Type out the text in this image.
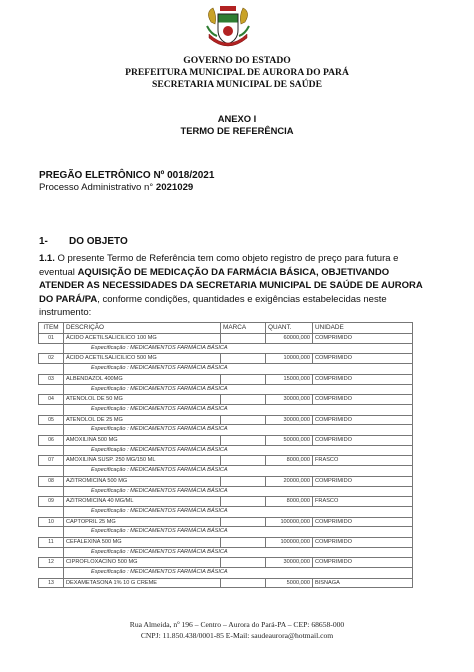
GOVERNO DO ESTADO
PREFEITURA MUNICIPAL DE AURORA DO PARÁ
SECRETARIA MUNICIPAL DE SAÚDE
ANEXO I
TERMO DE REFERÊNCIA
PREGÃO ELETRÔNICO Nº 0018/2021
Processo Administrativo n° 2021029
1- DO OBJETO
1.1. O presente Termo de Referência tem como objeto registro de preço para futura e eventual AQUISIÇÃO DE MEDICAÇÃO DA FARMÁCIA BÁSICA, OBJETIVANDO ATENDER AS NECESSIDADES DA SECRETARIA MUNICIPAL DE SAÚDE DE AURORA DO PARÁ/PA, conforme condições, quantidades e exigências estabelecidas neste instrumento:
ITEM	DESCRIÇÃO	MARCA	QUANT.	UNIDADE
01	ÁCIDO ACETILSALICILICO 100 MG		60000,000	COMPRIMIDO
	Especificação : MEDICAMENTOS FARMÁCIA BÁSICA			
02	ÁCIDO ACETILSALICILICO 500 MG		10000,000	COMPRIMIDO
	Especificação : MEDICAMENTOS FARMÁCIA BÁSICA			
03	ALBENDAZOL 400MG		15000,000	COMPRIMIDO
	Especificação : MEDICAMENTOS FARMÁCIA BÁSICA			
04	ATENOLOL DE 50 MG		30000,000	COMPRIMIDO
	Especificação : MEDICAMENTOS FARMÁCIA BÁSICA			
05	ATENOLOL DE 25 MG		30000,000	COMPRIMIDO
	Especificação : MEDICAMENTOS FARMÁCIA BÁSICA			
06	AMOXILINA 500 MG		50000,000	COMPRIMIDO
	Especificação : MEDICAMENTOS FARMÁCIA BÁSICA			
07	AMOXILINA SUSP. 250 MG/150 ML		8000,000	FRASCO
	Especificação : MEDICAMENTOS FARMÁCIA BÁSICA			
08	AZITROMICINA 500 MG		20000,000	COMPRIMIDO
	Especificação : MEDICAMENTOS FARMÁCIA BÁSICA			
09	AZITROMICINA 40 MG/ML		8000,000	FRASCO
	Especificação : MEDICAMENTOS FARMÁCIA BÁSICA			
10	CAPTOPRIL 25 MG		100000,000	COMPRIMIDO
	Especificação : MEDICAMENTOS FARMÁCIA BÁSICA			
11	CEFALEXINA 500 MG		100000,000	COMPRIMIDO
	Especificação : MEDICAMENTOS FARMÁCIA BÁSICA			
12	CIPROFLOXACINO 500 MG		30000,000	COMPRIMIDO
	Especificação : MEDICAMENTOS FARMÁCIA BÁSICA			
13	DEXAMETASONA 1% 10 G CREME		5000,000	BISNAGA
Rua Almeida, nº 196 – Centro – Aurora do Pará-PA – CEP: 68658-000
CNPJ: 11.850.438/0001-85 E-Mail: saudeaurora@hotmail.com
